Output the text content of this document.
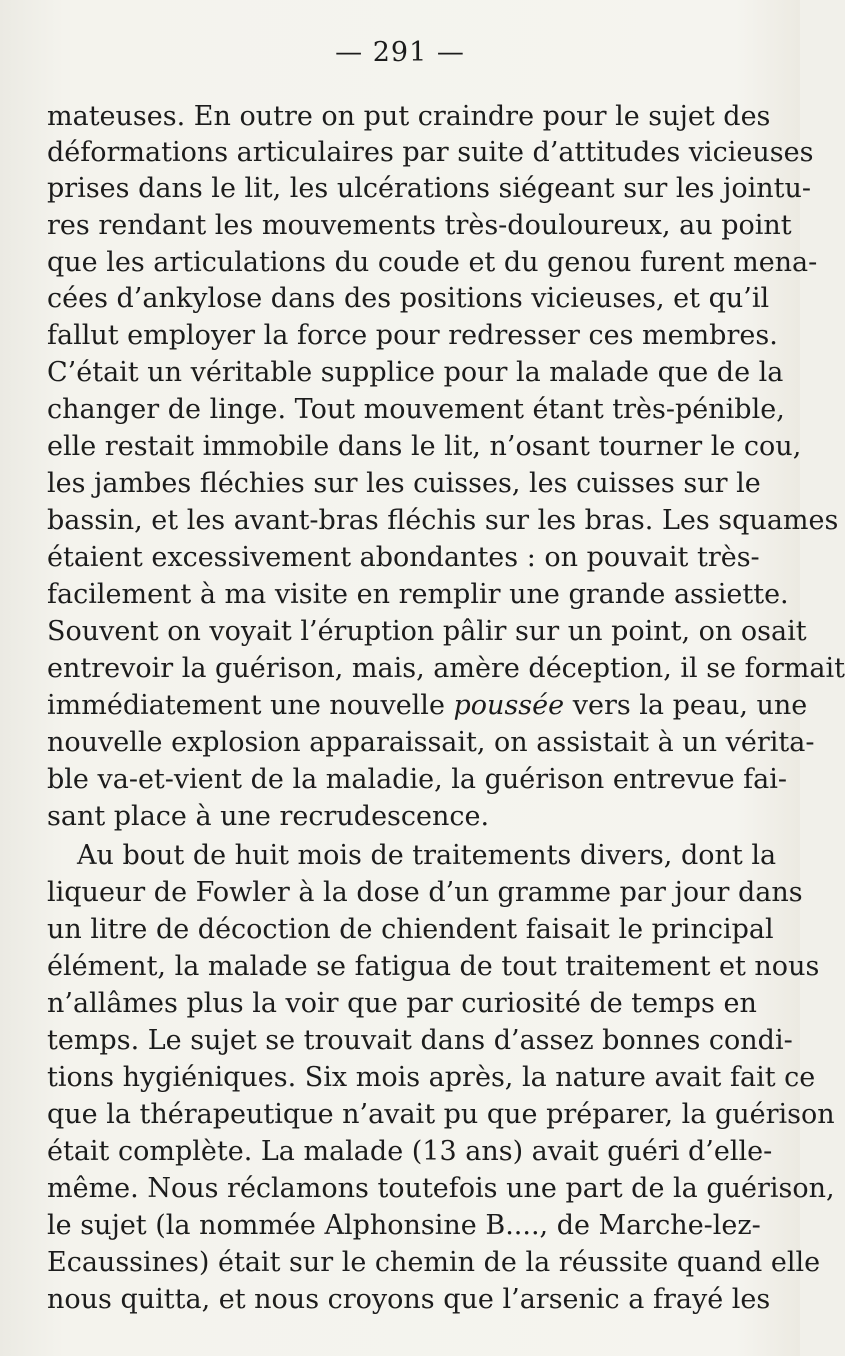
— 291 —
mateuses. En outre on put craindre pour le sujet des
déformations articulaires par suite d’attitudes vicieuses
prises dans le lit, les ulcérations siégeant sur les jointu-
res rendant les mouvements très-douloureux, au point
que les articulations du coude et du genou furent mena-
cées d’ankylose dans des positions vicieuses, et qu’il
fallut employer la force pour redresser ces membres.
C’était un véritable supplice pour la malade que de la
changer de linge. Tout mouvement étant très-pénible,
elle restait immobile dans le lit, n’osant tourner le cou,
les jambes fléchies sur les cuisses, les cuisses sur le
bassin, et les avant-bras fléchis sur les bras. Les squames
étaient excessivement abondantes : on pouvait très-
facilement à ma visite en remplir une grande assiette.
Souvent on voyait l’éruption pâlir sur un point, on osait
entrevoir la guérison, mais, amère déception, il se formait
immédiatement une nouvelle poussée vers la peau, une
nouvelle explosion apparaissait, on assistait à un vérita-
ble va-et-vient de la maladie, la guérison entrevue fai-
sant place à une recrudescence.
Au bout de huit mois de traitements divers, dont la
liqueur de Fowler à la dose d’un gramme par jour dans
un litre de décoction de chiendent faisait le principal
élément, la malade se fatigua de tout traitement et nous
n’allâmes plus la voir que par curiosité de temps en
temps. Le sujet se trouvait dans d’assez bonnes condi-
tions hygiéniques. Six mois après, la nature avait fait ce
que la thérapeutique n’avait pu que préparer, la guérison
était complète. La malade (13 ans) avait guéri d’elle-
même. Nous réclamons toutefois une part de la guérison,
le sujet (la nommée Alphonsine B...., de Marche-lez-
Ecaussines) était sur le chemin de la réussite quand elle
nous quitta, et nous croyons que l’arsenic a frayé les
